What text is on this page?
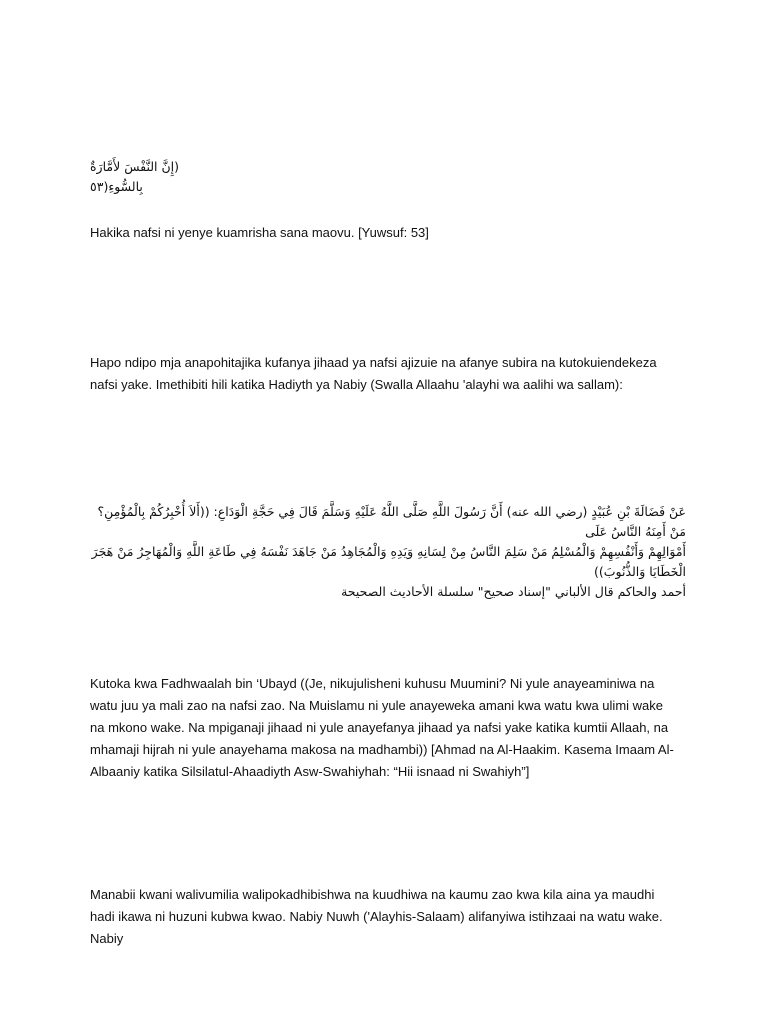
(إِنَّ النَّفْسَ لأَمَّارَةٌ بِالسُّوءِ(٥٣

Hakika nafsi ni yenye kuamrisha sana maovu. [Yuwsuf: 53]

Hapo ndipo mja anapohitajika kufanya jihaad ya nafsi ajizuie na afanye subira na kutokuiendekeza nafsi yake. Imethibiti hili katika Hadiyth ya Nabiy (Swalla Allaahu 'alayhi wa aalihi wa sallam):

عَنْ فَضَالَةَ بْنِ عُبَيْدٍ (رضي الله عنه) أَنَّ رَسُولَ اللَّهِ صَلَّى اللَّهُ عَلَيْهِ وَسَلَّمَ قَالَ فِي حَجَّةِ الْوَدَاعِ: ((أَلاَ أُخْبِرُكُمْ بِالْمُؤْمِنِ؟ مَنْ أَمِنَهُ النَّاسُ عَلَى
أَمْوَالِهِمْ وَأَنْفُسِهِمْ وَالْمُسْلِمُ مَنْ سَلِمَ النَّاسُ مِنْ لِسَانِهِ وَيَدِهِ وَالْمُجَاهِدُ مَنْ جَاهَدَ نَفْسَهُ فِي طَاعَةِ اللَّهِ وَالْمُهَاجِرُ مَنْ هَجَرَ الْخَطَايَا وَالذُّنُوبَ))
أحمد والحاكم قال الألباني "إسناد صحيح" سلسلة الأحاديث الصحيحة

Kutoka kwa Fadhwaalah bin ‘Ubayd ((Je, nikujulisheni kuhusu Muumini? Ni yule anayeaminiwa na watu juu ya mali zao na nafsi zao. Na Muislamu ni yule anayeweka amani kwa watu kwa ulimi wake na mkono wake. Na mpiganaji jihaad ni yule anayefanya jihaad ya nafsi yake katika kumtii Allaah, na mhamaji hijrah ni yule anayehama makosa na madhambi)) [Ahmad na Al-Haakim. Kasema Imaam Al-Albaaniy katika Silsilatul-Ahaadiyth Asw-Swahiyhah: “Hii isnaad ni Swahiyh”]

Manabii kwani walivumilia walipokadhibishwa na kuudhiwa na kaumu zao kwa kila aina ya maudhi hadi ikawa ni huzuni kubwa kwao. Nabiy Nuwh ('Alayhis-Salaam) alifanyiwa istihzaai na watu wake. Nabiy
